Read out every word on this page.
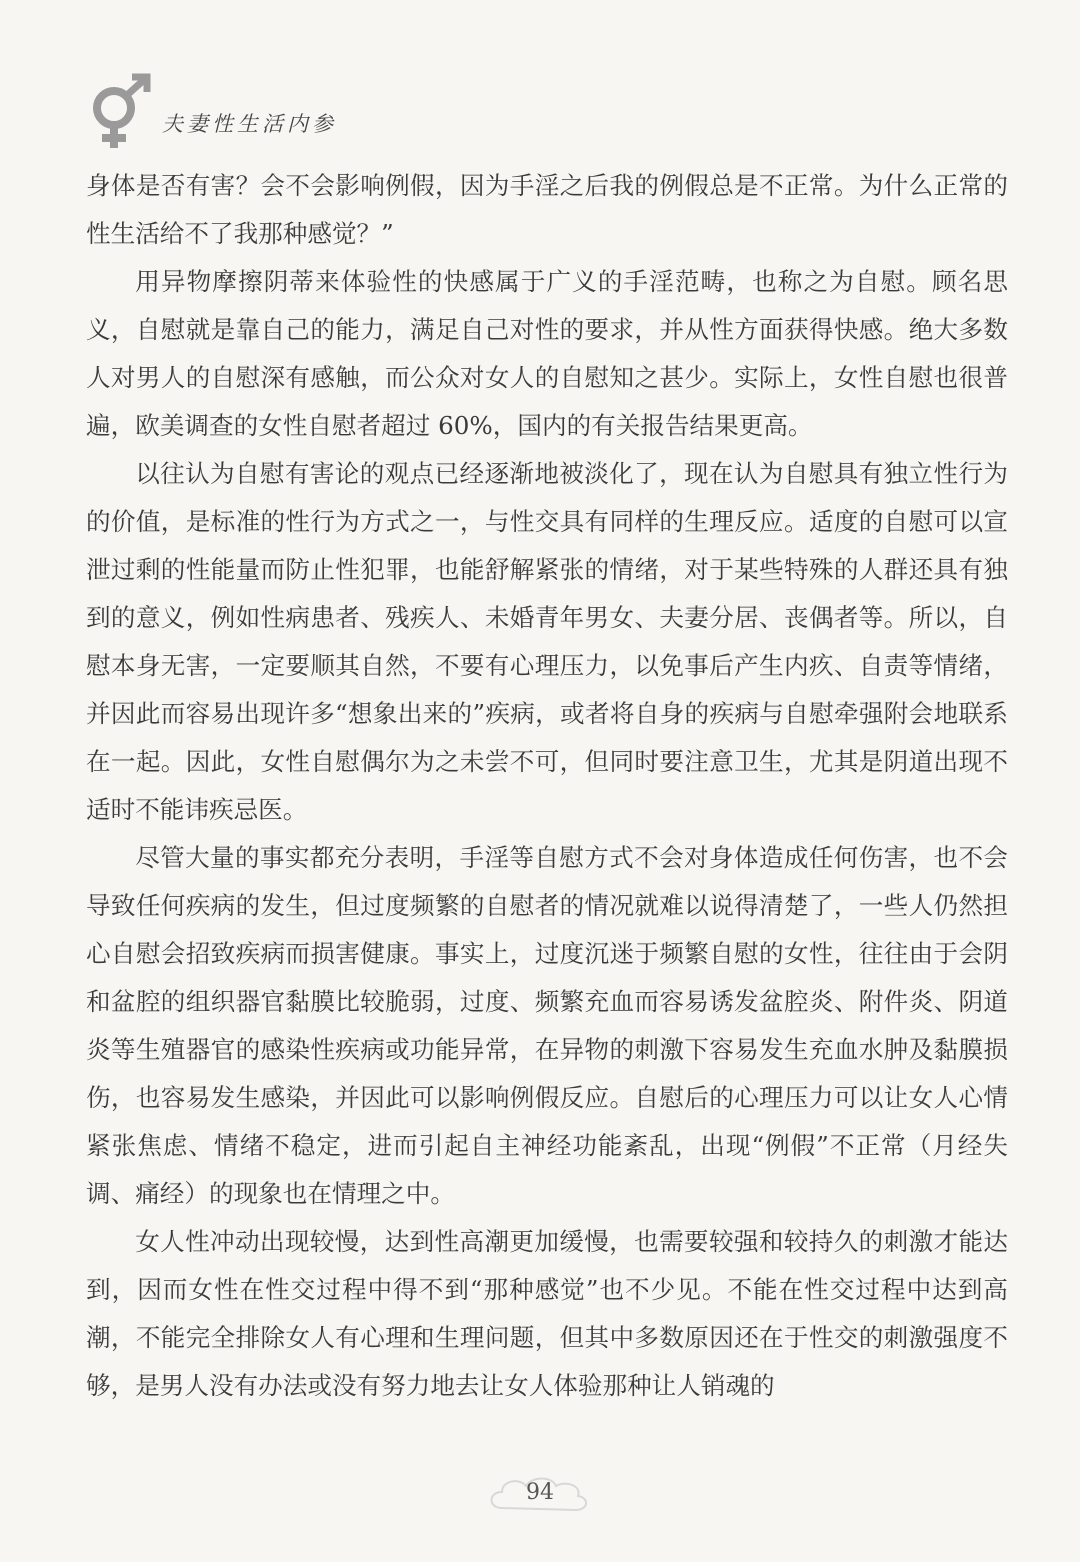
夫妻性生活内参

身体是否有害？会不会影响例假，因为手淫之后我的例假总是不正常。为什么正常的性生活给不了我那种感觉？”

用异物摩擦阴蒂来体验性的快感属于广义的手淫范畴，也称之为自慰。顾名思义，自慰就是靠自己的能力，满足自己对性的要求，并从性方面获得快感。绝大多数人对男人的自慰深有感触，而公众对女人的自慰知之甚少。实际上，女性自慰也很普遍，欧美调查的女性自慰者超过 60%，国内的有关报告结果更高。

以往认为自慰有害论的观点已经逐渐地被淡化了，现在认为自慰具有独立性行为的价值，是标准的性行为方式之一，与性交具有同样的生理反应。适度的自慰可以宣泄过剩的性能量而防止性犯罪，也能舒解紧张的情绪，对于某些特殊的人群还具有独到的意义，例如性病患者、残疾人、未婚青年男女、夫妻分居、丧偶者等。所以，自慰本身无害，一定要顺其自然，不要有心理压力，以免事后产生内疚、自责等情绪，并因此而容易出现许多“想象出来的”疾病，或者将自身的疾病与自慰牵强附会地联系在一起。因此，女性自慰偶尔为之未尝不可，但同时要注意卫生，尤其是阴道出现不适时不能讳疾忌医。

尽管大量的事实都充分表明，手淫等自慰方式不会对身体造成任何伤害，也不会导致任何疾病的发生，但过度频繁的自慰者的情况就难以说得清楚了，一些人仍然担心自慰会招致疾病而损害健康。事实上，过度沉迷于频繁自慰的女性，往往由于会阴和盆腔的组织器官黏膜比较脆弱，过度、频繁充血而容易诱发盆腔炎、附件炎、阴道炎等生殖器官的感染性疾病或功能异常，在异物的刺激下容易发生充血水肿及黏膜损伤，也容易发生感染，并因此可以影响例假反应。自慰后的心理压力可以让女人心情紧张焦虑、情绪不稳定，进而引起自主神经功能紊乱，出现“例假”不正常（月经失调、痛经）的现象也在情理之中。

女人性冲动出现较慢，达到性高潮更加缓慢，也需要较强和较持久的刺激才能达到，因而女性在性交过程中得不到“那种感觉”也不少见。不能在性交过程中达到高潮，不能完全排除女人有心理和生理问题，但其中多数原因还在于性交的刺激强度不够，是男人没有办法或没有努力地去让女人体验那种让人销魂的

94
